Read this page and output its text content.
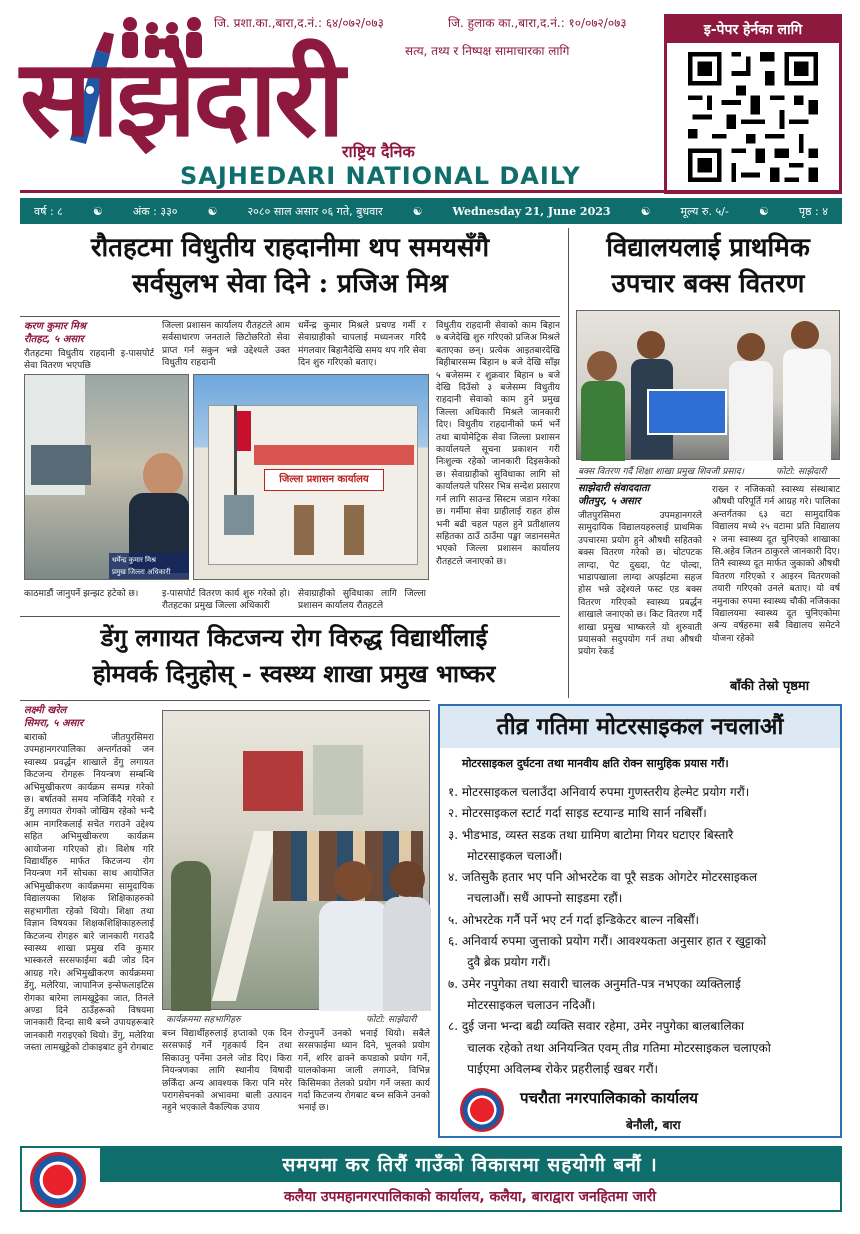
साझेदारी
जि. प्रशा.का.,बारा,द.नं.: ६४/०७२/०७३	जि. हुलाक का.,बारा,द.नं.: १०/०७२/०७३
सत्य, तथ्य र निष्पक्ष सामाचारका लागि
राष्ट्रिय दैनिक
SAJHEDARI NATIONAL DAILY
इ-पेपर हेर्नका लागि
वर्ष : ८	☯	अंक : ३३०	☯	२०८० साल असार ०६ गते, बुधवार	☯	Wednesday 21, June 2023	☯	मूल्य रु. ५/-	☯	पृष्ठ : ४
रौतहटमा विधुतीय राहदानीमा थप समयसँगै
सर्वसुलभ सेवा दिने : प्रजिअ मिश्र
करण कुमार मिश्र
रौतहट, ५ असार
रौतहटमा विधुतीय राहदानी इ-पासपोर्ट सेवा वितरण भएपछि
जिल्ला प्रशासन कार्यालय रौतहटले आम सर्वसाधारण जनताले छिटोछरितो सेवा प्राप्त गर्न सकुन भन्ने उद्देश्यले उक्त विधुतीय राहदानी
धर्मेन्द्र कुमार मिश्रले प्रचण्ड गर्मी र सेवाग्राहीको चापलाई मध्यनजर गरिदै मंगलवार बिहानैदेखि समय थप गरि सेवा दिन शुरु गरिएको बताए।
विधुतीय राहदानी सेवाको काम बिहान ७ बजेदेखि शुरु गरिएको प्रजिअ मिश्रले बताएका छन्। प्रत्येक आइतबारदेखि बिहीबारसम्म बिहान ७ बजे देखि साँझ ५ बजेसम्म र शुक्रवार बिहान ७ बजे देखि दिउँसो ३ बजेसम्म विधुतीय राहदानी सेवाको काम हुने प्रमुख जिल्ला अधिकारी मिश्रले जानकारी दिए। विधुतीय राहदानीको फर्म भर्ने तथा बायोमेट्रिक सेवा जिल्ला प्रशासन कार्यालयले सूचना प्रकाशन गरी निःशुल्क रहेको जानकारी दिइसकेको छ। सेवाग्राहीको सुविधाका लागि सो कार्यालयले परिसर भित्र सन्देश प्रसारण गर्न लागि साउन्ड सिस्टम जडान गरेका छ। गर्मीमा सेवा ग्राहीलाई राहत होस भनी बढी चहल पहल हुने प्रतीक्षालय सहितका ठाउँ ठाउँमा पङ्खा जडानसमेत भएको जिल्ला प्रशासन कार्यालय रौतहटले जनाएको छ।
धर्मेन्द्र कुमार मिश्र
प्रमुख जिल्ला अधिकारी रौतहट
जिल्ला प्रशासन कार्यालय
काठमाडौं जानुपर्ने झन्झट हटेको छ।	इ-पासपोर्ट वितरण कार्य शुरु गरेको हो। रौतहटका प्रमुख जिल्ला अधिकारी
सेवाग्राहीको सुविधाका लागि जिल्ला प्रशासन कार्यालय रौतहटले
विद्यालयलाई प्राथमिक
उपचार बक्स वितरण
बक्स वितरण गर्दै शिक्षा शाखा प्रमुख शिवजी प्रसाद।	फोटो: साझेदारी
साझेदारी संवाददाता
जीतपुर, ५ असार
जीतपुरसिमरा उपमहानगरले सामुदायिक विद्यालयहरुलाई प्राथमिक उपचारमा प्रयोग हुने औषधी सहितको बक्स वितरण गरेको छ। चोटपटक लाग्दा, पेट दुख्दा, पेट पोल्दा, भाडापखाला लाग्दा अपर्झटमा सहज होस भन्ने उद्देश्यले फस्ट एड बक्स वितरण गरिएको स्वास्थ्य प्रबर्द्धन शाखाले जनाएको छ। किट वितरण गर्दै शाखा प्रमुख भाष्करले यो शुरुवाती प्रयासको सदुपयोग गर्न तथा औषधी प्रयोग रेकर्ड
राख्न र नजिकको स्वास्थ्य संस्थाबाट औषधी परिपूर्ति गर्न आग्रह गरे। पालिका अन्तर्गतका ६३ वटा सामुदायिक विद्यालय मध्ये २५ वटामा प्रति विद्यालय २ जना स्वास्थ्य दूत चुनिएको शाखाका सि.अहेव जितन ठाकुरले जानकारी दिए। तिनै स्वास्थ्य दूत मार्फत जुकाको औषधी वितरण गरिएको र आइरन वितरणको तयारी गरिएको उनले बताए। यो वर्ष नमुनाका रुपमा स्वास्थ्य चौकी नजिकका विद्यालयमा स्वास्थ्य दूत चुनिएकोमा अन्य वर्षहरुमा सबै विद्यालय समेटने योजना रहेको
बाँकी तेस्रो पृष्ठमा
डेंगु लगायत किटजन्य रोग विरुद्ध विद्यार्थीलाई
होमवर्क दिनुहोस् - स्वस्थ्य शाखा प्रमुख भाष्कर
लक्ष्मी खरेल
सिमरा, ५ असार
बाराको जीतपुरसिमरा उपमहानगरपालिका अन्तर्गतको जन स्वास्थ्य प्रवर्द्धन शाखाले डेंगु लगायत किटजन्य रोगहरू नियन्त्रण सम्बन्धि अभिमुखीकरण कार्यक्रम सम्पन्न गरेको छ। बर्षातको समय नजिकिँदै गरेको र डेंगु लगायत रोगको जोखिम रहेको भन्दै आम नागरिकलाई सचेत गराउने उद्देश्य सहित अभिमुखीकरण कार्यक्रम आयोजना गरिएको हो। विशेष गरि विद्यार्थीहरु मार्फत किटजन्य रोग नियन्त्रण गर्ने सोचका साथ आयोजित अभिमुखीकरण कार्यक्रममा सामुदायिक विद्यालयका शिक्षक शिक्षिकाहरुको सहभागीता रहेको थियो। शिक्षा तथा विज्ञान विषयका शिक्षकशिक्षिकाहरुलाई किटजन्य रोगहरु बारे जानकारी गराउदै स्वास्थ्य शाखा प्रमुख रवि कुमार भास्करले सरसफाईमा बढी जोड दिन आग्रह गरे। अभिमुखीकरण कार्यक्रममा डेंगु, मलेरिया, जापानिज इन्सेफलाइटिस रोगका बारेमा लामखुट्टेका जात, तिनले अण्डा दिने ठाउँहरूको विषयमा जानकारी दिन्दा साथै बच्ने उपायहरूबारे जानकारी गराइएको थियो। डेंगु, मलेरिया जस्ता लामखुट्टेको टोकाइबाट हुने रोगबाट
कार्यक्रममा सहभागिहरु	फोटो: साझेदारी
बच्न विद्यार्थीहरुलाई हप्ताको एक दिन सरसफाई गर्ने गृहकार्य दिन तथा सिकाउनु पर्नेमा उनले जोड दिए। किरा नियन्त्रणका लागि स्थानीय विषादी छर्किंदा अन्य आवश्यक किरा पनि मरेर परागसेचनको अभावमा बाली उत्पादन नहुने भएकाले वैकल्पिक उपाय
रोज्नुपर्ने उनको भनाई थियो। सबैले सरसफाईमा ध्यान दिने, भुलको प्रयोग गर्ने, शरिर ढाक्ने कपडाको प्रयोग गर्ने, यालकोकमा जाली लगाउने, विभिन्न किसिमका तेलको प्रयोग गर्ने जस्ता कार्य गर्दा किटजन्य रोगबाट बच्न सकिने उनको भनाई छ।
तीव्र गतिमा मोटरसाइकल नचलाऔं
मोटरसाइकल दुर्घटना तथा मानवीय क्षति रोक्न सामुहिक प्रयास गरौं।
१. मोटरसाइकल चलाउँदा अनिवार्य रुपमा गुणस्तरीय हेल्मेट प्रयोग गरौं।
२. मोटरसाइकल स्टार्ट गर्दा साइड स्टयान्ड माथि सार्न नबिर्सौं।
३. भीडभाड, व्यस्त सडक तथा ग्रामिण बाटोमा गियर घटाएर बिस्तारै
मोटरसाइकल चलाऔं।
४. जतिसुकै हतार भए पनि ओभरटेक वा पूरै सडक ओगटेर मोटरसाइकल
नचलाऔं। सधैं आफ्नो साइडमा रहौं।
५. ओभरटेक गर्नै पर्ने भए टर्न गर्दा इन्डिकेटर बाल्न नबिर्सौं।
६. अनिवार्य रुपमा जुत्ताको प्रयोग गरौं। आवश्यकता अनुसार हात र खुट्टाको
दुवै ब्रेक प्रयोग गरौं।
७. उमेर नपुगेका तथा सवारी चालक अनुमति-पत्र नभएका व्यक्तिलाई
मोटरसाइकल चलाउन नदिऔं।
८. दुई जना भन्दा बढी व्यक्ति सवार रहेमा, उमेर नपुगेका बालबालिका
चालक रहेको तथा अनियन्त्रित एवम् तीव्र गतिमा मोटरसाइकल चलाएको
पाईएमा अविलम्ब रोकेर प्रहरीलाई खबर गरौं।
पचरौता नगरपालिकाको कार्यालय
बेनौली, बारा
समयमा कर तिरौं गाउँको विकासमा सहयोगी बनौं ।
कलैया उपमहानगरपालिकाको कार्यालय, कलैया, बाराद्वारा जनहितमा जारी
